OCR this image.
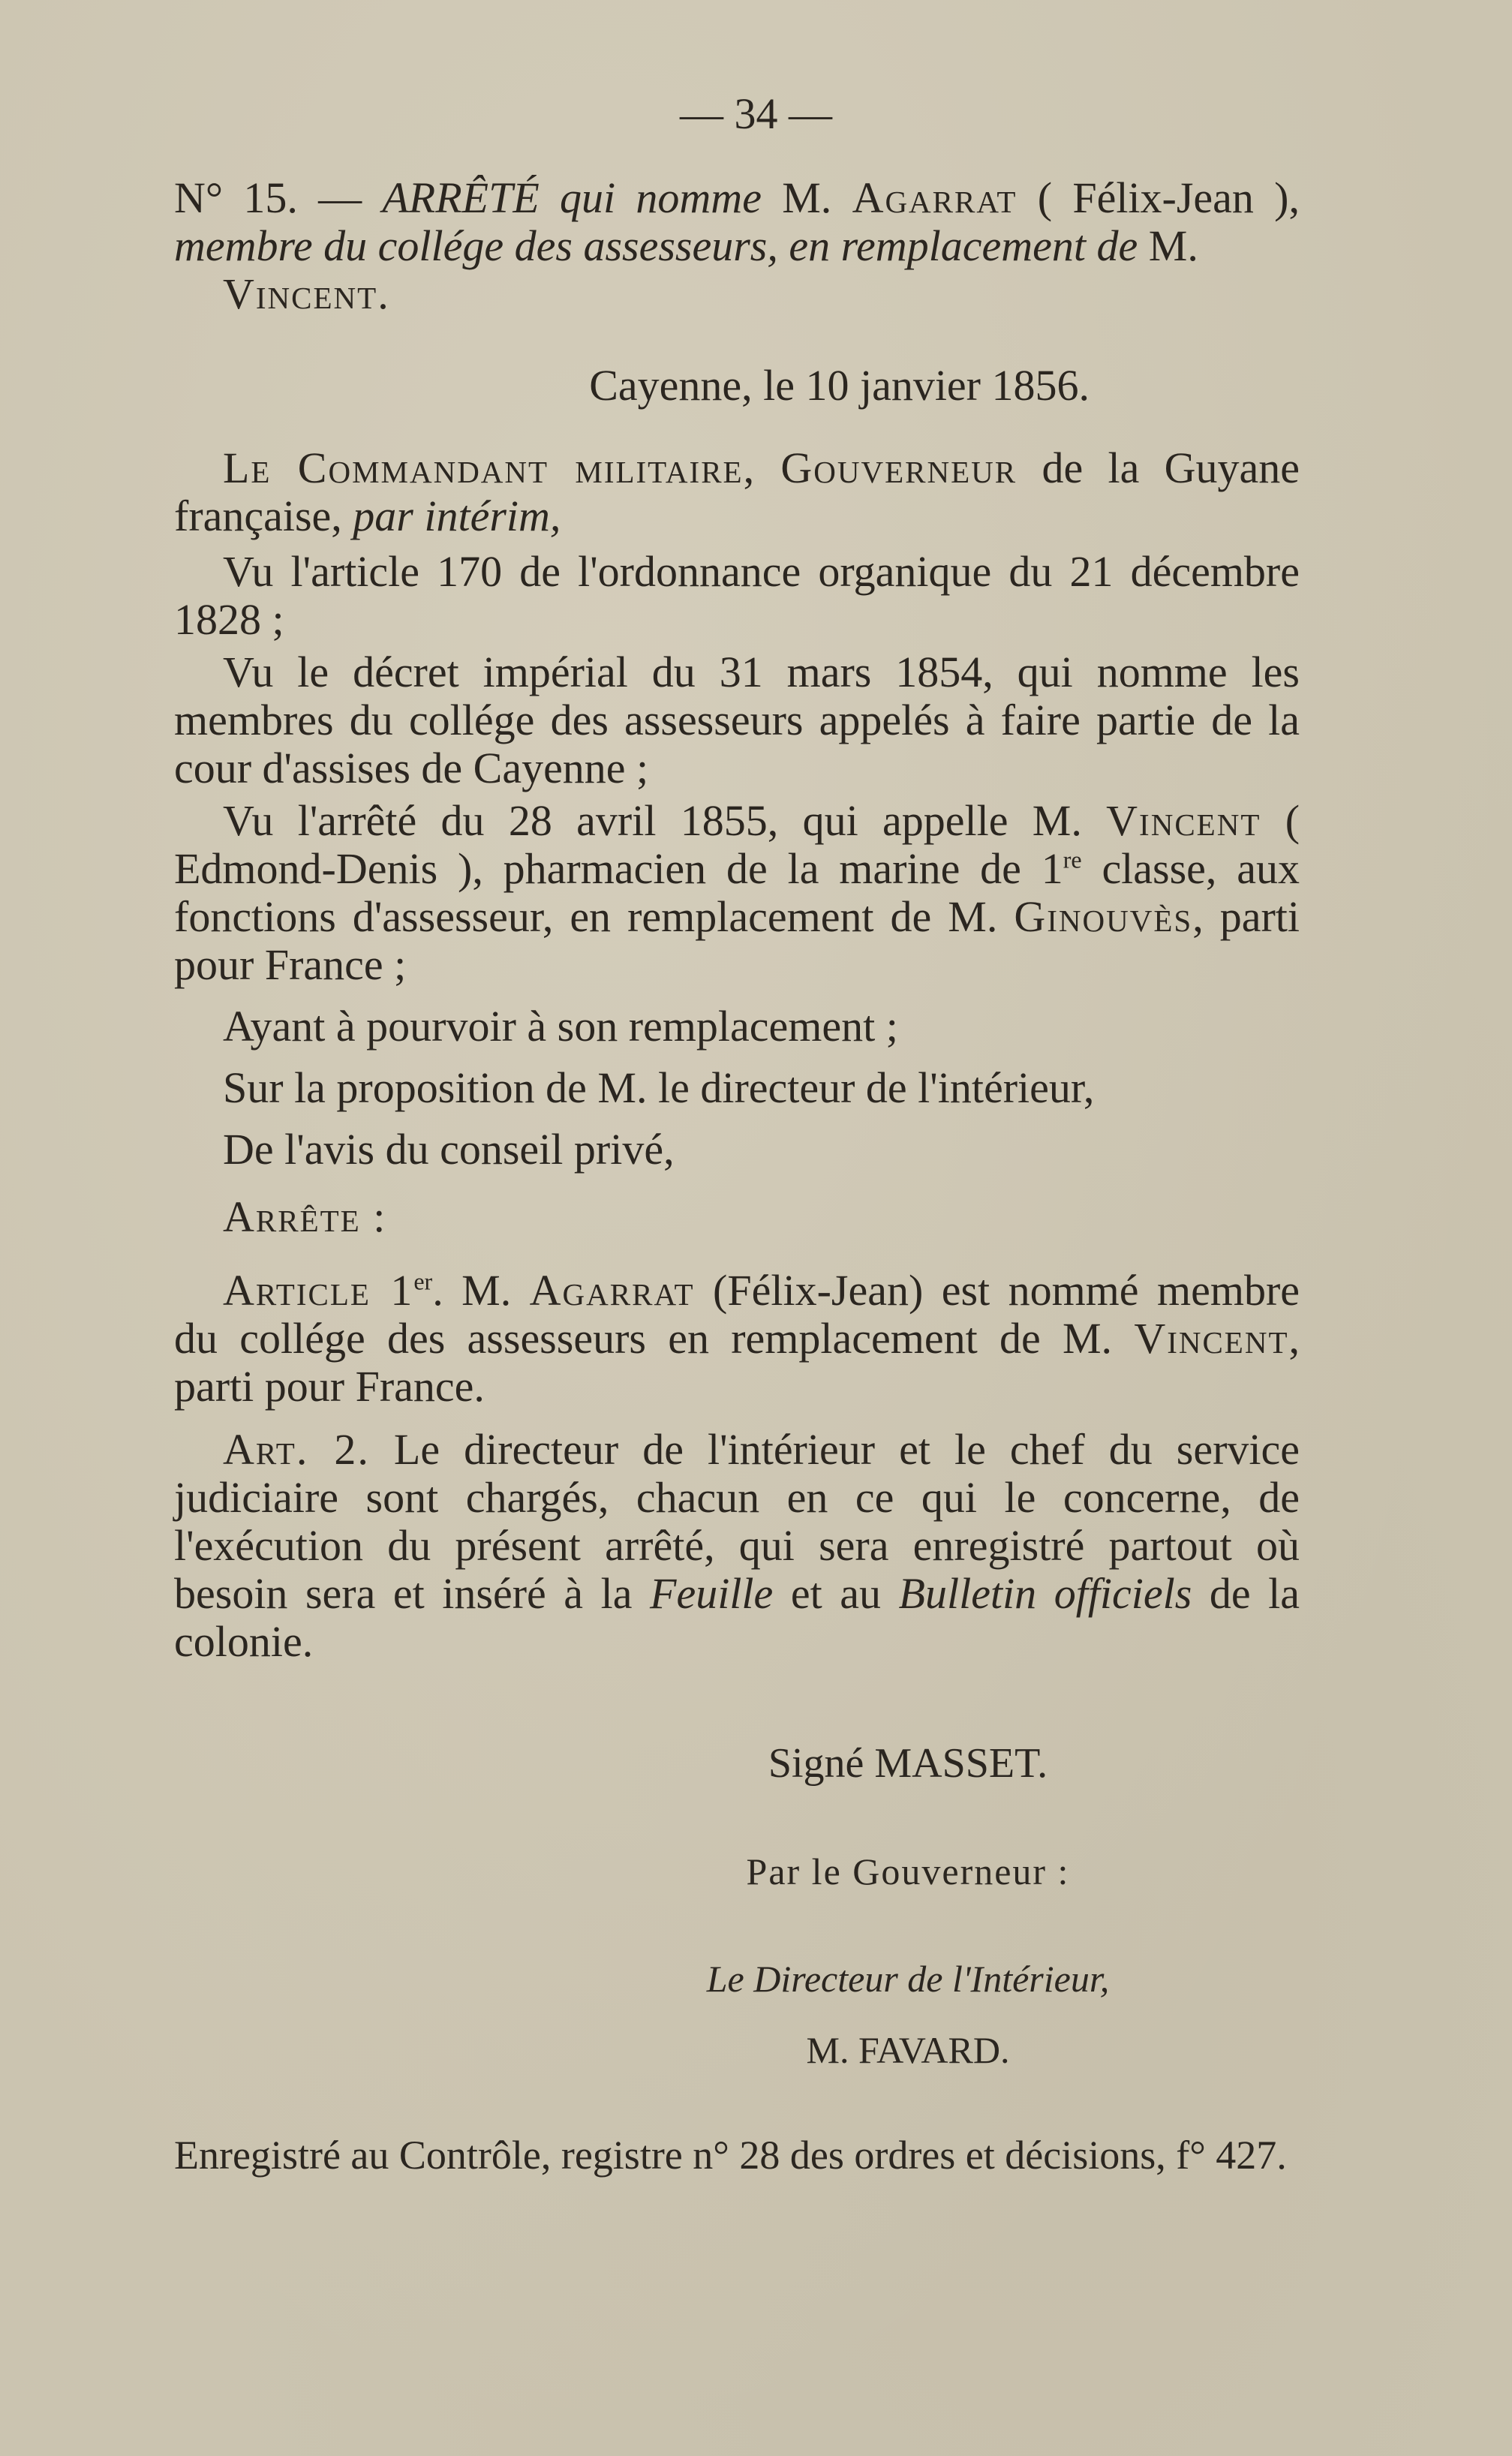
— 34 —
N° 15. — ARRÊTÉ qui nomme M. Agarrat ( Félix-Jean ), membre du collége des assesseurs, en remplacement de M.
Vincent.
Cayenne, le 10 janvier 1856.

Le Commandant militaire, Gouverneur de la Guyane française, par intérim,

Vu l'article 170 de l'ordonnance organique du 21 décembre 1828 ;

Vu le décret impérial du 31 mars 1854, qui nomme les membres du collége des assesseurs appelés à faire partie de la cour d'assises de Cayenne ;

Vu l'arrêté du 28 avril 1855, qui appelle M. Vincent ( Edmond-Denis ), pharmacien de la marine de 1re classe, aux fonctions d'assesseur, en remplacement de M. Ginouvès, parti pour France ;

Ayant à pourvoir à son remplacement ;

Sur la proposition de M. le directeur de l'intérieur,

De l'avis du conseil privé,

Arrête :

Article 1er. M. Agarrat (Félix-Jean) est nommé membre du collége des assesseurs en remplacement de M. Vincent, parti pour France.

Art. 2. Le directeur de l'intérieur et le chef du service judiciaire sont chargés, chacun en ce qui le concerne, de l'exécution du présent arrêté, qui sera enregistré partout où besoin sera et inséré à la Feuille et au Bulletin officiels de la colonie.

Signé MASSET.
Par le Gouverneur :
Le Directeur de l'Intérieur,
M. FAVARD.
Enregistré au Contrôle, registre n° 28 des ordres et décisions, f° 427.
